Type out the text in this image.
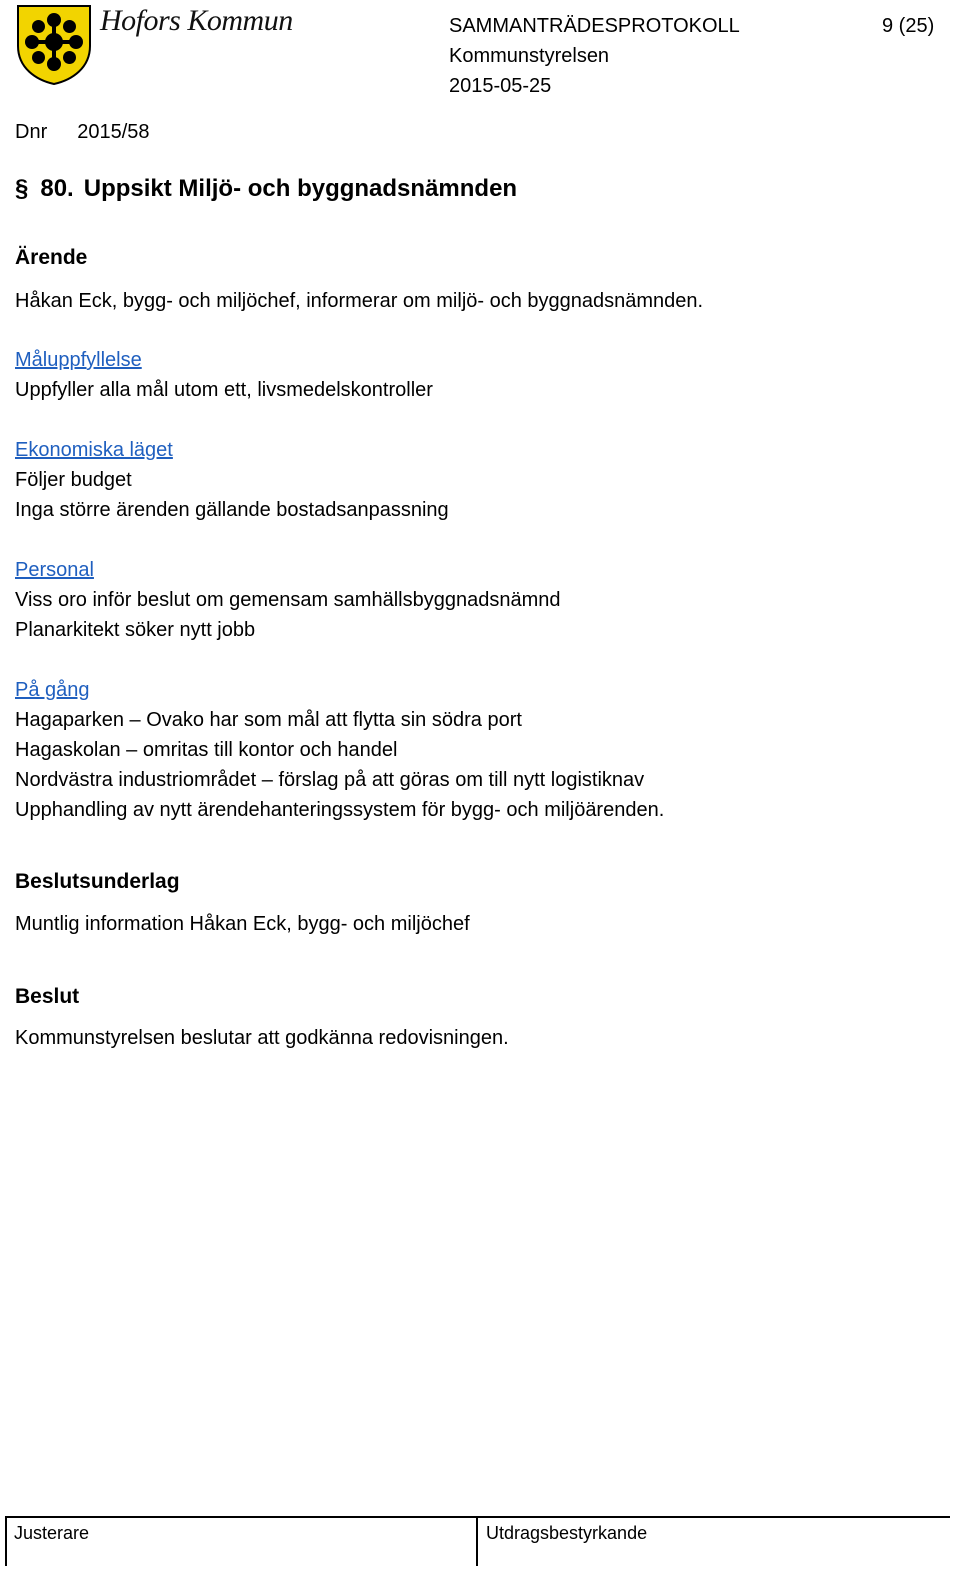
Hofors Kommun	SAMMANTRÄDESPROTOKOLL	9 (25)
Kommunstyrelsen
2015-05-25
Dnr 2015/58
§ 80. Uppsikt Miljö- och byggnadsnämnden
Ärende
Håkan Eck, bygg- och miljöchef, informerar om miljö- och byggnadsnämnden.
Måluppfyllelse
Uppfyller alla mål utom ett, livsmedelskontroller
Ekonomiska läget
Följer budget
Inga större ärenden gällande bostadsanpassning
Personal
Viss oro inför beslut om gemensam samhällsbyggnadsnämnd
Planarkitekt söker nytt jobb
På gång
Hagaparken – Ovako har som mål att flytta sin södra port
Hagaskolan – omritas till kontor och handel
Nordvästra industriområdet – förslag på att göras om till nytt logistiknav
Upphandling av nytt ärendehanteringssystem för bygg- och miljöärenden.
Beslutsunderlag
Muntlig information Håkan Eck, bygg- och miljöchef
Beslut
Kommunstyrelsen beslutar att godkänna redovisningen.
Justerare	Utdragsbestyrkande
